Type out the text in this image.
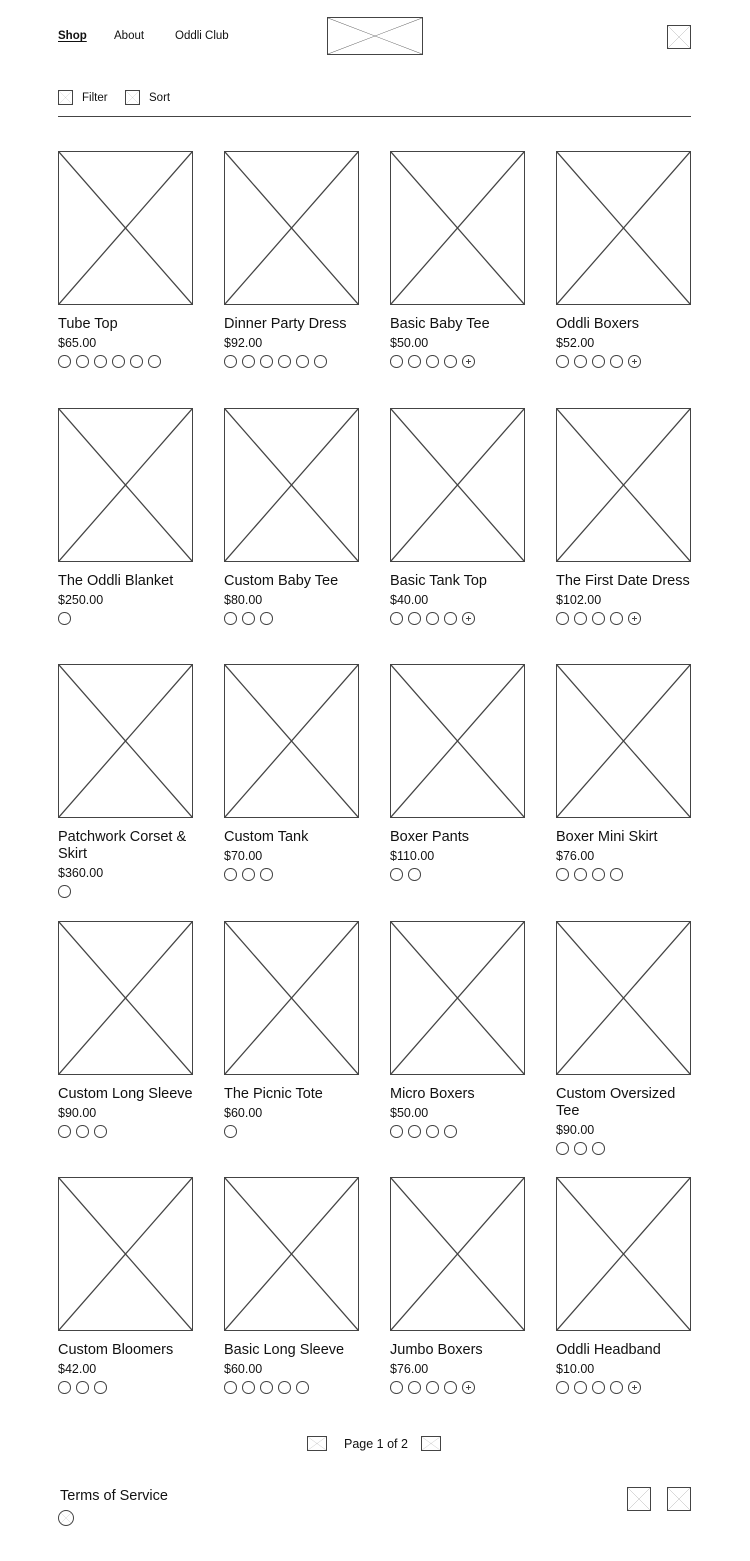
Shop About	Oddli Club
Filter	Sort
Tube Top
$65.00
Dinner Party Dress
$92.00
Basic Baby Tee
$50.00
Oddli Boxers
$52.00
The Oddli Blanket
$250.00
Custom Baby Tee
$80.00
Basic Tank Top
$40.00
The First Date Dress
$102.00
Patchwork Corset & Skirt
$360.00
Custom Tank
$70.00
Boxer Pants
$110.00
Boxer Mini Skirt
$76.00
Custom Long Sleeve
$90.00
The Picnic Tote
$60.00
Micro Boxers
$50.00
Custom Oversized Tee
$90.00
Custom Bloomers
$42.00
Basic Long Sleeve
$60.00
Jumbo Boxers
$76.00
Oddli Headband
$10.00
Page 1 of 2
Terms of Service
